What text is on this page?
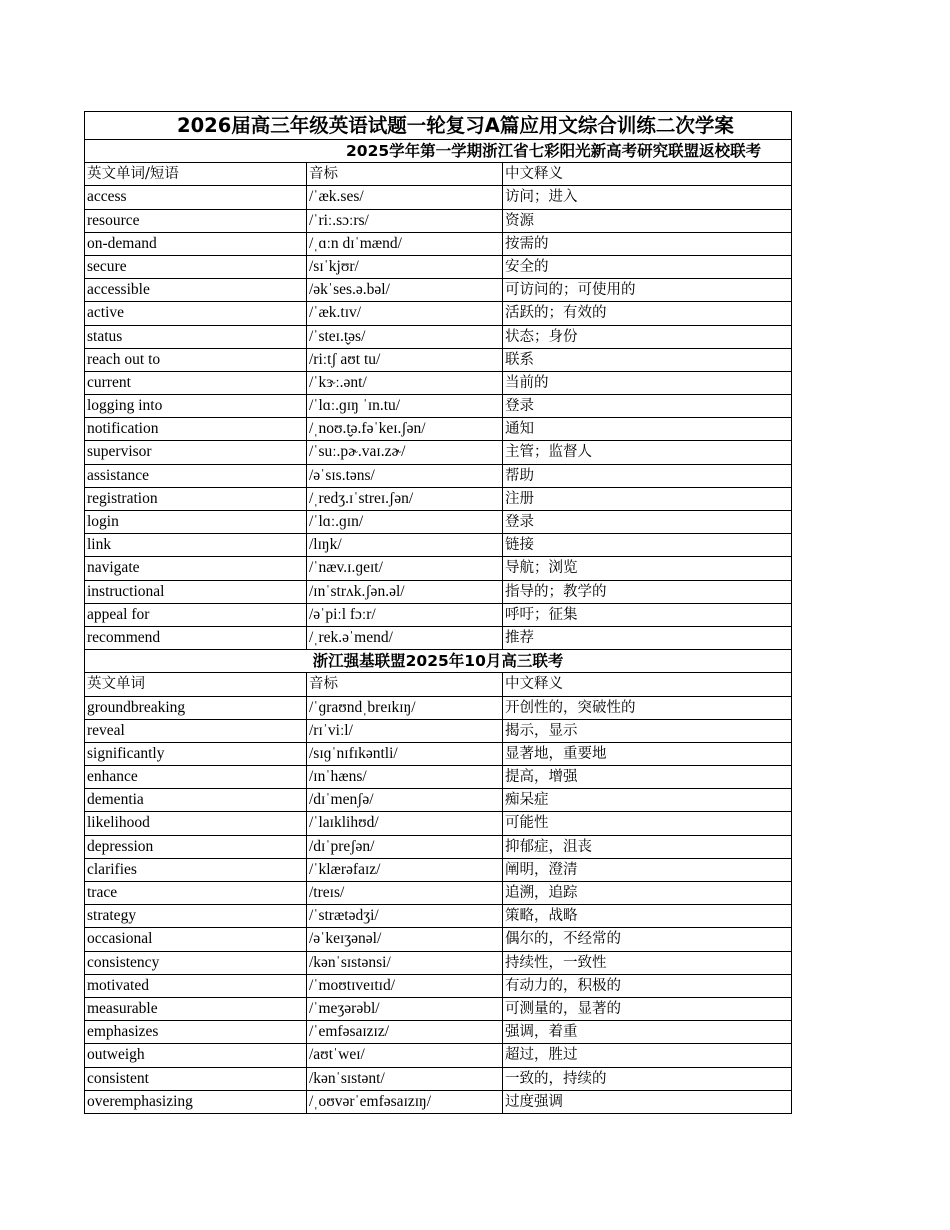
2026届高三年级英语试题一轮复习A篇应用文综合训练二次学案
2025学年第一学期浙江省七彩阳光新高考研究联盟返校联考
英文单词/短语	音标	中文释义
access	/ˈæk.ses/	访问；进入
resource	/ˈriː.sɔːrs/	资源
on-demand	/ˌɑːn dɪˈmænd/	按需的
secure	/sɪˈkjʊr/	安全的
accessible	/əkˈses.ə.bəl/	可访问的；可使用的
active	/ˈæk.tɪv/	活跃的；有效的
status	/ˈsteɪ.t̬əs/	状态；身份
reach out to	/riːtʃ aʊt tu/	联系
current	/ˈkɝː.ənt/	当前的
logging into	/ˈlɑː.ɡɪŋ ˈɪn.tu/	登录
notification	/ˌnoʊ.t̬ə.fəˈkeɪ.ʃən/	通知
supervisor	/ˈsuː.pɚ.vaɪ.zɚ/	主管；监督人
assistance	/əˈsɪs.təns/	帮助
registration	/ˌredʒ.ɪˈstreɪ.ʃən/	注册
login	/ˈlɑː.ɡɪn/	登录
link	/lɪŋk/	链接
navigate	/ˈnæv.ɪ.ɡeɪt/	导航；浏览
instructional	/ɪnˈstrʌk.ʃən.əl/	指导的；教学的
appeal for	/əˈpiːl fɔːr/	呼吁；征集
recommend	/ˌrek.əˈmend/	推荐
浙江强基联盟2025年10月高三联考
英文单词	音标	中文释义
groundbreaking	/ˈɡraʊndˌbreɪkɪŋ/	开创性的，突破性的
reveal	/rɪˈviːl/	揭示，显示
significantly	/sɪɡˈnɪfɪkəntli/	显著地，重要地
enhance	/ɪnˈhæns/	提高，增强
dementia	/dɪˈmenʃə/	痴呆症
likelihood	/ˈlaɪklihʊd/	可能性
depression	/dɪˈpreʃən/	抑郁症，沮丧
clarifies	/ˈklærəfaɪz/	阐明，澄清
trace	/treɪs/	追溯，追踪
strategy	/ˈstrætədʒi/	策略，战略
occasional	/əˈkeɪʒənəl/	偶尔的，不经常的
consistency	/kənˈsɪstənsi/	持续性，一致性
motivated	/ˈmoʊtɪveɪtɪd/	有动力的，积极的
measurable	/ˈmeʒərəbl/	可测量的，显著的
emphasizes	/ˈemfəsaɪzɪz/	强调，着重
outweigh	/aʊtˈweɪ/	超过，胜过
consistent	/kənˈsɪstənt/	一致的，持续的
overemphasizing	/ˌoʊvərˈemfəsaɪzɪŋ/	过度强调
